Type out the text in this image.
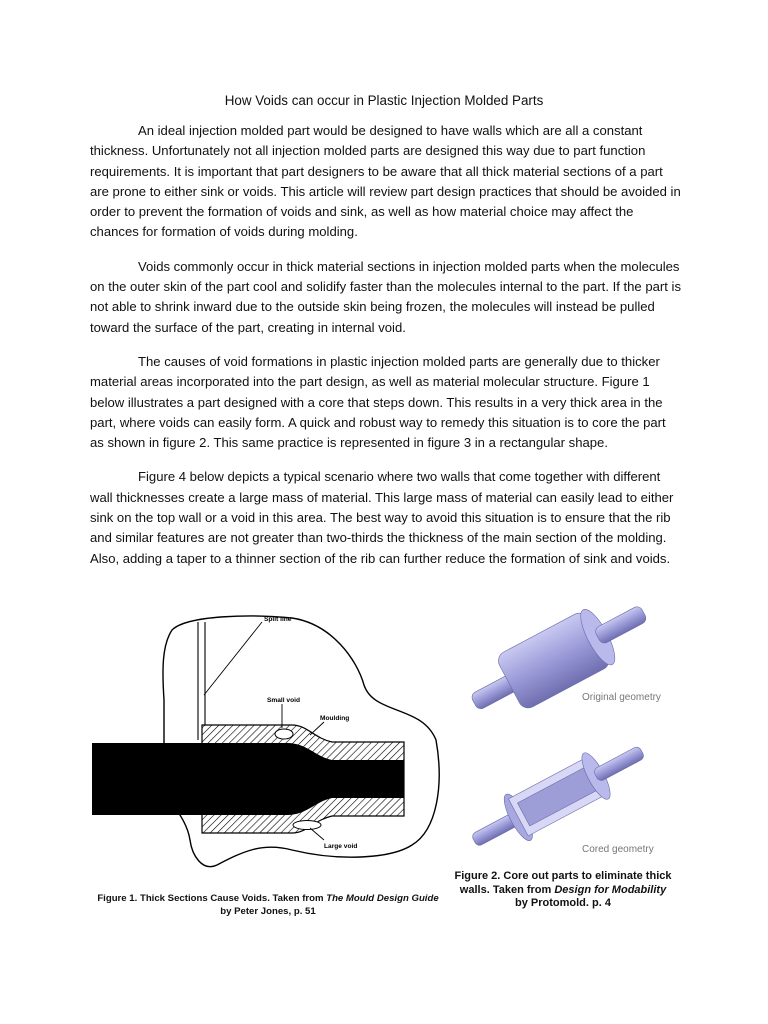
How Voids can occur in Plastic Injection Molded Parts

An ideal injection molded part would be designed to have walls which are all a constant thickness. Unfortunately not all injection molded parts are designed this way due to part function requirements. It is important that part designers to be aware that all thick material sections of a part are prone to either sink or voids. This article will review part design practices that should be avoided in order to prevent the formation of voids and sink, as well as how material choice may affect the chances for formation of voids during molding.

Voids commonly occur in thick material sections in injection molded parts when the molecules on the outer skin of the part cool and solidify faster than the molecules internal to the part. If the part is not able to shrink inward due to the outside skin being frozen, the molecules will instead be pulled toward the surface of the part, creating in internal void.

The causes of void formations in plastic injection molded parts are generally due to thicker material areas incorporated into the part design, as well as material molecular structure. Figure 1 below illustrates a part designed with a core that steps down. This results in a very thick area in the part, where voids can easily form. A quick and robust way to remedy this situation is to core the part as shown in figure 2. This same practice is represented in figure 3 in a rectangular shape.

Figure 4 below depicts a typical scenario where two walls that come together with different wall thicknesses create a large mass of material. This large mass of material can easily lead to either sink on the top wall or a void in this area. The best way to avoid this situation is to ensure that the rib and similar features are not greater than two-thirds the thickness of the main section of the molding. Also, adding a taper to a thinner section of the rib can further reduce the formation of sink and voids.

Split line
Small void
Moulding
Large void
Figure 1. Thick Sections Cause Voids. Taken from The Mould Design Guide by Peter Jones, p. 51
Original geometry
Cored geometry
Figure 2. Core out parts to eliminate thick walls. Taken from Design for Modability by Protomold. p. 4
